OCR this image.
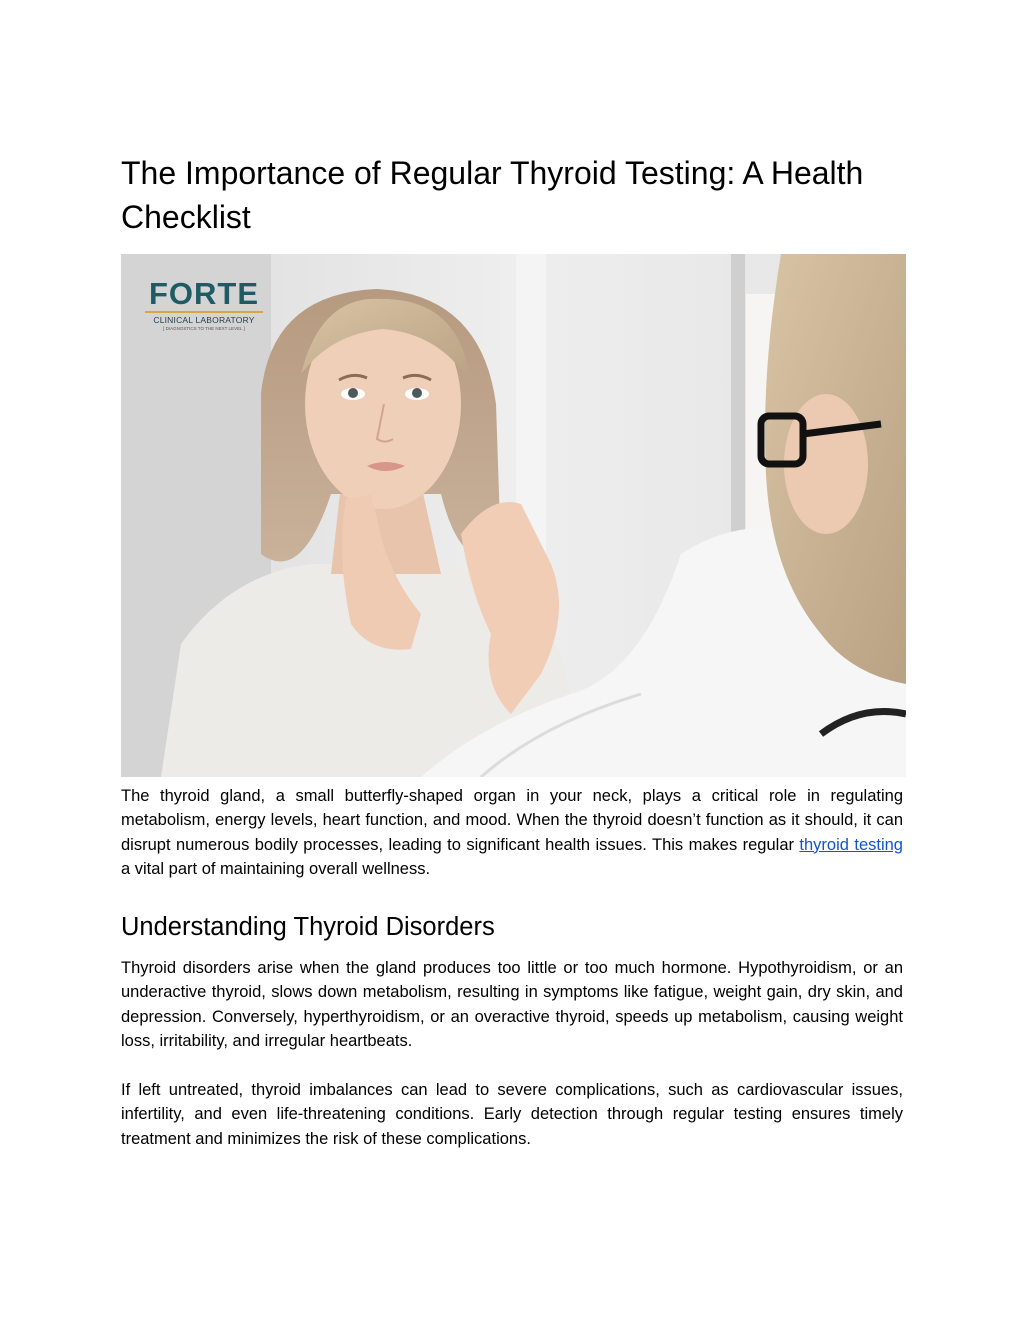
The Importance of Regular Thyroid Testing: A Health Checklist
FORTE
CLINICAL LABORATORY
[ DIAGNOSTICS TO THE NEXT LEVEL ]

The thyroid gland, a small butterfly-shaped organ in your neck, plays a critical role in regulating metabolism, energy levels, heart function, and mood. When the thyroid doesn’t function as it should, it can disrupt numerous bodily processes, leading to significant health issues. This makes regular thyroid testing a vital part of maintaining overall wellness.

Understanding Thyroid Disorders

Thyroid disorders arise when the gland produces too little or too much hormone. Hypothyroidism, or an underactive thyroid, slows down metabolism, resulting in symptoms like fatigue, weight gain, dry skin, and depression. Conversely, hyperthyroidism, or an overactive thyroid, speeds up metabolism, causing weight loss, irritability, and irregular heartbeats.

If left untreated, thyroid imbalances can lead to severe complications, such as cardiovascular issues, infertility, and even life-threatening conditions. Early detection through regular testing ensures timely treatment and minimizes the risk of these complications.
